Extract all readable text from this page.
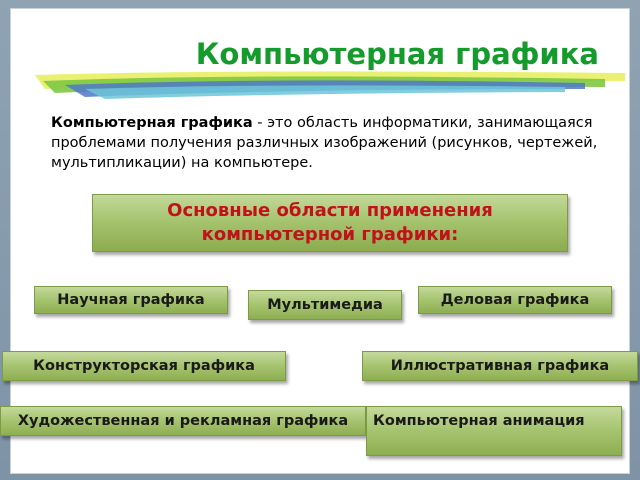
Компьютерная графика
Компьютерная графика - это область информатики, занимающаяся проблемами получения различных изображений (рисунков, чертежей, мультипликации) на компьютере.
Основные области применения компьютерной графики:
Научная графика	Мультимедиа	Деловая графика
Конструкторская графика	Иллюстративная графика
Художественная и рекламная графика	Компьютерная анимация
